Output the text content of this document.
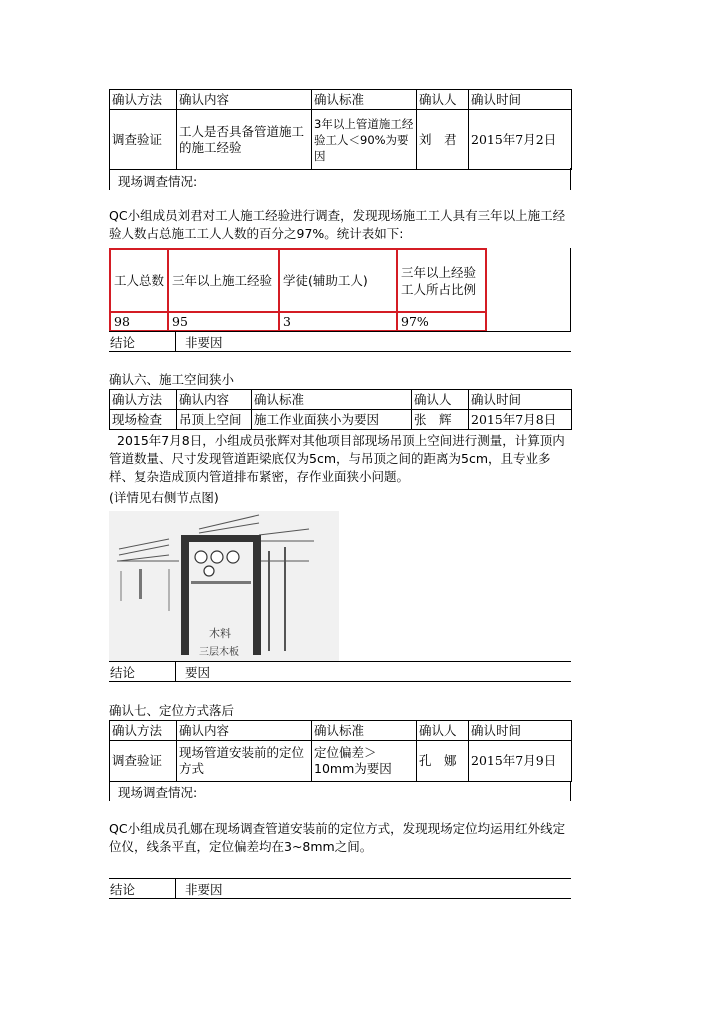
确认方法	确认内容	确认标准	确认人	确认时间
调查验证	工人是否具备管道施工的施工经验	3年以上管道施工经验工人＜90%为要因	刘　君	2015年7月2日
现场调查情况:
QC小组成员刘君对工人施工经验进行调查，发现现场施工工人具有三年以上施工经验人数占总施工工人人数的百分之97%。统计表如下:
工人总数	三年以上施工经验	学徒(辅助工人)	三年以上经验工人所占比例
98	95	3	97%
结论	非要因
确认六、施工空间狭小
确认方法	确认内容	确认标准	确认人	确认时间
现场检查	吊顶上空间	施工作业面狭小为要因	张　辉	2015年7月8日
2015年7月8日，小组成员张辉对其他项目部现场吊顶上空间进行测量，计算顶内管道数量、尺寸发现管道距梁底仅为5cm，与吊顶之间的距离为5cm，且专业多样、复杂造成顶内管道排布紧密，存作业面狭小问题。
(详情见右侧节点图)
木料
三层木板
结论	要因
确认七、定位方式落后
确认方法	确认内容	确认标准	确认人	确认时间
调查验证	现场管道安装前的定位方式	定位偏差＞10mm为要因	孔　娜	2015年7月9日
现场调查情况:
QC小组成员孔娜在现场调查管道安装前的定位方式，发现现场定位均运用红外线定位仪，线条平直，定位偏差均在3~8mm之间。
结论	非要因
